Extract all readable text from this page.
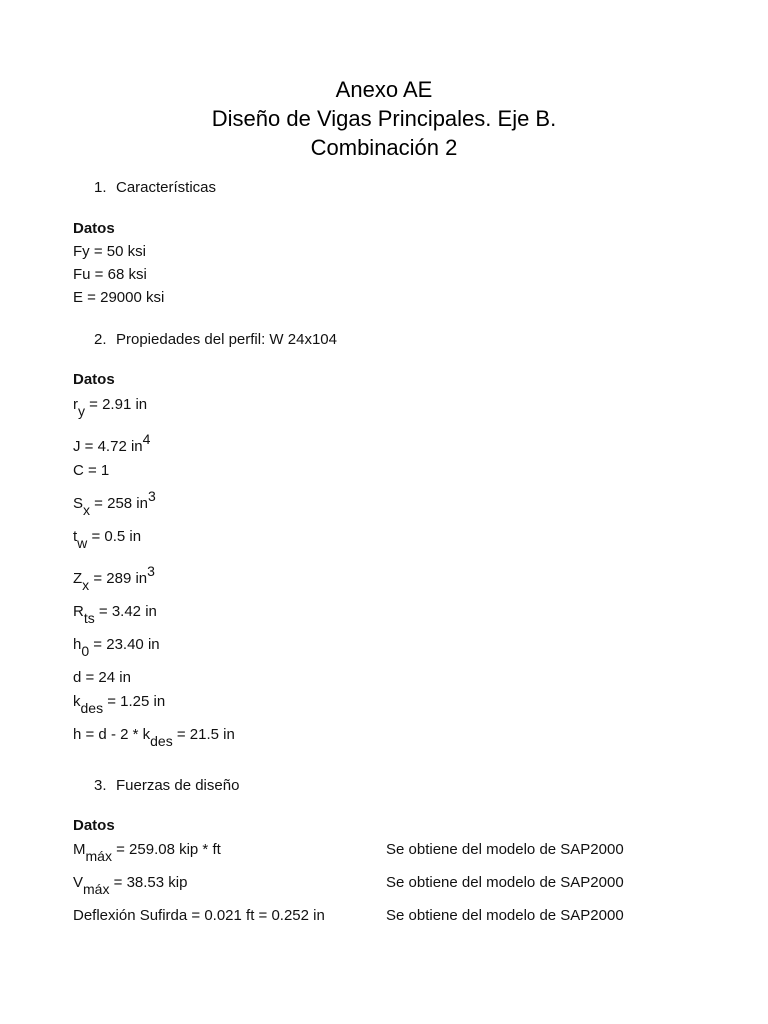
Anexo AE
Diseño de Vigas Principales. Eje B.
Combinación 2
1. Características
Datos
Fy = 50 ksi
Fu = 68 ksi
E = 29000 ksi
2. Propiedades del perfil: W 24x104
Datos
$r_y = 2.91$ in
J = 4.72 $in^4$
C = 1
$S_x = 258$ $in^3$
$t_w = 0.5$ in
$Z_x = 289$ $in^3$
$R_{ts} = 3.42$ in
$h_0 = 23.40$ in
d = 24 in
$k_{des} = 1.25$ in
$h = d - 2 * k_{des} = 21.5$ in
3. Fuerzas de diseño
Datos
$M_{máx} = 259.08$ kip * ft	Se obtiene del modelo de SAP2000
$V_{máx} = 38.53$ kip	Se obtiene del modelo de SAP2000
Deflexión Sufirda = 0.021 ft = 0.252 in	Se obtiene del modelo de SAP2000
